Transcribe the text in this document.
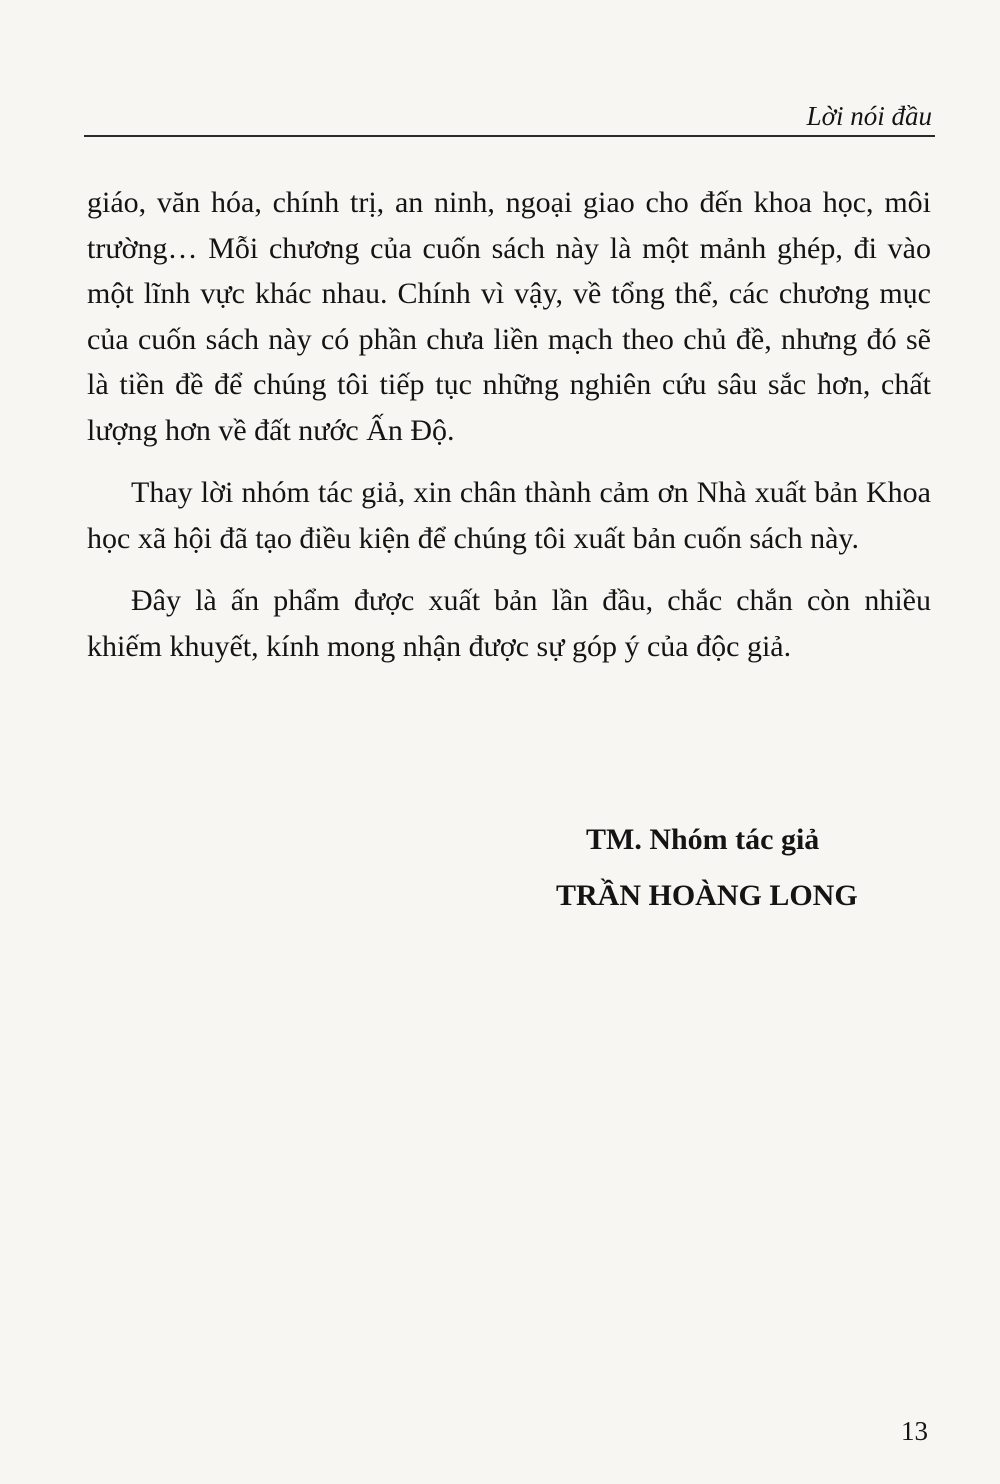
Lời nói đầu

giáo, văn hóa, chính trị, an ninh, ngoại giao cho đến khoa học, môi trường… Mỗi chương của cuốn sách này là một mảnh ghép, đi vào một lĩnh vực khác nhau. Chính vì vậy, về tổng thể, các chương mục của cuốn sách này có phần chưa liền mạch theo chủ đề, nhưng đó sẽ là tiền đề để chúng tôi tiếp tục những nghiên cứu sâu sắc hơn, chất lượng hơn về đất nước Ấn Độ.

Thay lời nhóm tác giả, xin chân thành cảm ơn Nhà xuất bản Khoa học xã hội đã tạo điều kiện để chúng tôi xuất bản cuốn sách này.

Đây là ấn phẩm được xuất bản lần đầu, chắc chắn còn nhiều khiếm khuyết, kính mong nhận được sự góp ý của độc giả.

TM. Nhóm tác giả
TRẦN HOÀNG LONG
13
